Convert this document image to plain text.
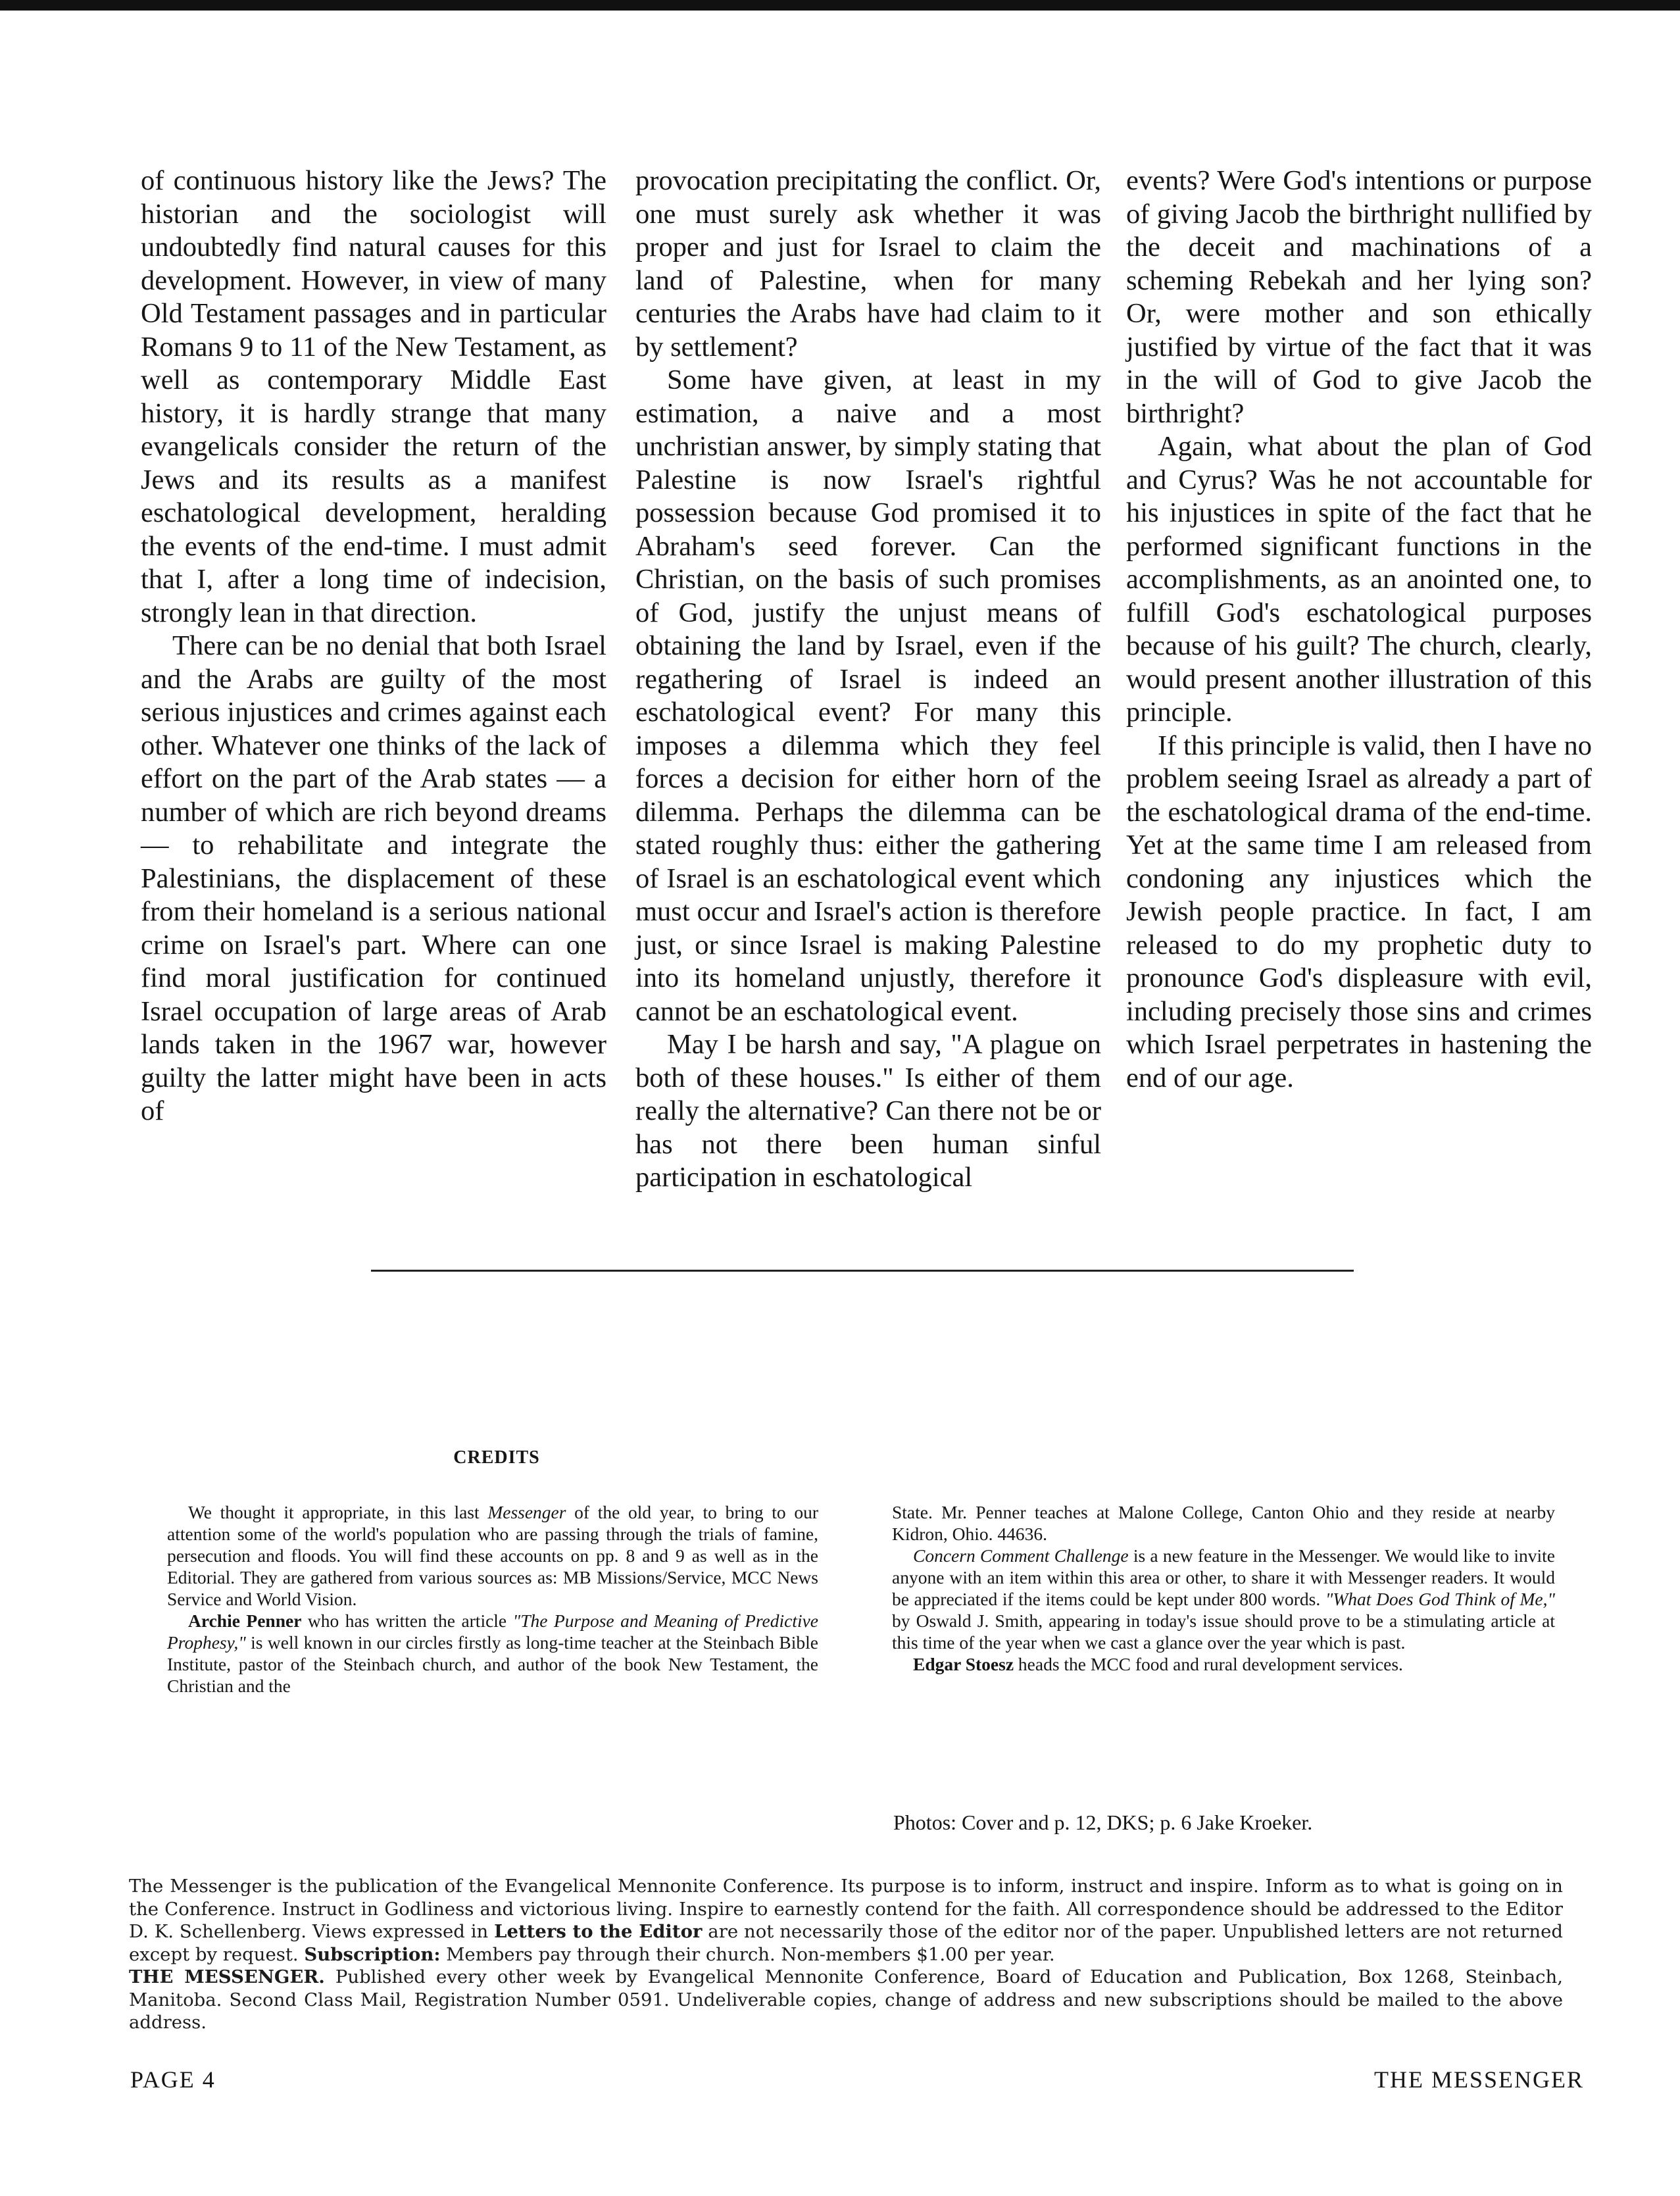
of continuous history like the Jews? The historian and the sociologist will undoubtedly find natural causes for this development. However, in view of many Old Testament passages and in particular Romans 9 to 11 of the New Testament, as well as contemporary Middle East history, it is hardly strange that many evangelicals consider the return of the Jews and its results as a manifest eschatological development, heralding the events of the end-time. I must admit that I, after a long time of indecision, strongly lean in that direction.

There can be no denial that both Israel and the Arabs are guilty of the most serious injustices and crimes against each other. Whatever one thinks of the lack of effort on the part of the Arab states — a number of which are rich beyond dreams — to rehabilitate and integrate the Palestinians, the displacement of these from their homeland is a serious national crime on Israel's part. Where can one find moral justification for continued Israel occupation of large areas of Arab lands taken in the 1967 war, however guilty the latter might have been in acts of

provocation precipitating the conflict. Or, one must surely ask whether it was proper and just for Israel to claim the land of Palestine, when for many centuries the Arabs have had claim to it by settlement?

Some have given, at least in my estimation, a naive and a most unchristian answer, by simply stating that Palestine is now Israel's rightful possession because God promised it to Abraham's seed forever. Can the Christian, on the basis of such promises of God, justify the unjust means of obtaining the land by Israel, even if the regathering of Israel is indeed an eschatological event? For many this imposes a dilemma which they feel forces a decision for either horn of the dilemma. Perhaps the dilemma can be stated roughly thus: either the gathering of Israel is an eschatological event which must occur and Israel's action is therefore just, or since Israel is making Palestine into its homeland unjustly, therefore it cannot be an eschatological event.

May I be harsh and say, "A plague on both of these houses." Is either of them really the alternative? Can there not be or has not there been human sinful participation in eschatological

events? Were God's intentions or purpose of giving Jacob the birthright nullified by the deceit and machinations of a scheming Rebekah and her lying son? Or, were mother and son ethically justified by virtue of the fact that it was in the will of God to give Jacob the birthright?

Again, what about the plan of God and Cyrus? Was he not accountable for his injustices in spite of the fact that he performed significant functions in the accomplishments, as an anointed one, to fulfill God's eschatological purposes because of his guilt? The church, clearly, would present another illustration of this principle.

If this principle is valid, then I have no problem seeing Israel as already a part of the eschatological drama of the end-time. Yet at the same time I am released from condoning any injustices which the Jewish people practice. In fact, I am released to do my prophetic duty to pronounce God's displeasure with evil, including precisely those sins and crimes which Israel perpetrates in hastening the end of our age.

CREDITS

We thought it appropriate, in this last Messenger of the old year, to bring to our attention some of the world's population who are passing through the trials of famine, persecution and floods. You will find these accounts on pp. 8 and 9 as well as in the Editorial. They are gathered from various sources as: MB Missions/Service, MCC News Service and World Vision.

Archie Penner who has written the article "The Purpose and Meaning of Predictive Prophesy," is well known in our circles firstly as long-time teacher at the Steinbach Bible Institute, pastor of the Steinbach church, and author of the book New Testament, the Christian and the

State. Mr. Penner teaches at Malone College, Canton Ohio and they reside at nearby Kidron, Ohio. 44636.

Concern Comment Challenge is a new feature in the Messenger. We would like to invite anyone with an item within this area or other, to share it with Messenger readers. It would be appreciated if the items could be kept under 800 words. "What Does God Think of Me," by Oswald J. Smith, appearing in today's issue should prove to be a stimulating article at this time of the year when we cast a glance over the year which is past.

Edgar Stoesz heads the MCC food and rural development services.

Photos: Cover and p. 12, DKS; p. 6 Jake Kroeker.

The Messenger is the publication of the Evangelical Mennonite Conference. Its purpose is to inform, instruct and inspire. Inform as to what is going on in the Conference. Instruct in Godliness and victorious living. Inspire to earnestly contend for the faith. All correspondence should be addressed to the Editor D. K. Schellenberg. Views expressed in Letters to the Editor are not necessarily those of the editor nor of the paper. Unpublished letters are not returned except by request. Subscription: Members pay through their church. Non-members $1.00 per year.

THE MESSENGER. Published every other week by Evangelical Mennonite Conference, Board of Education and Publication, Box 1268, Steinbach, Manitoba. Second Class Mail, Registration Number 0591. Undeliverable copies, change of address and new subscriptions should be mailed to the above address.

PAGE 4	THE MESSENGER
